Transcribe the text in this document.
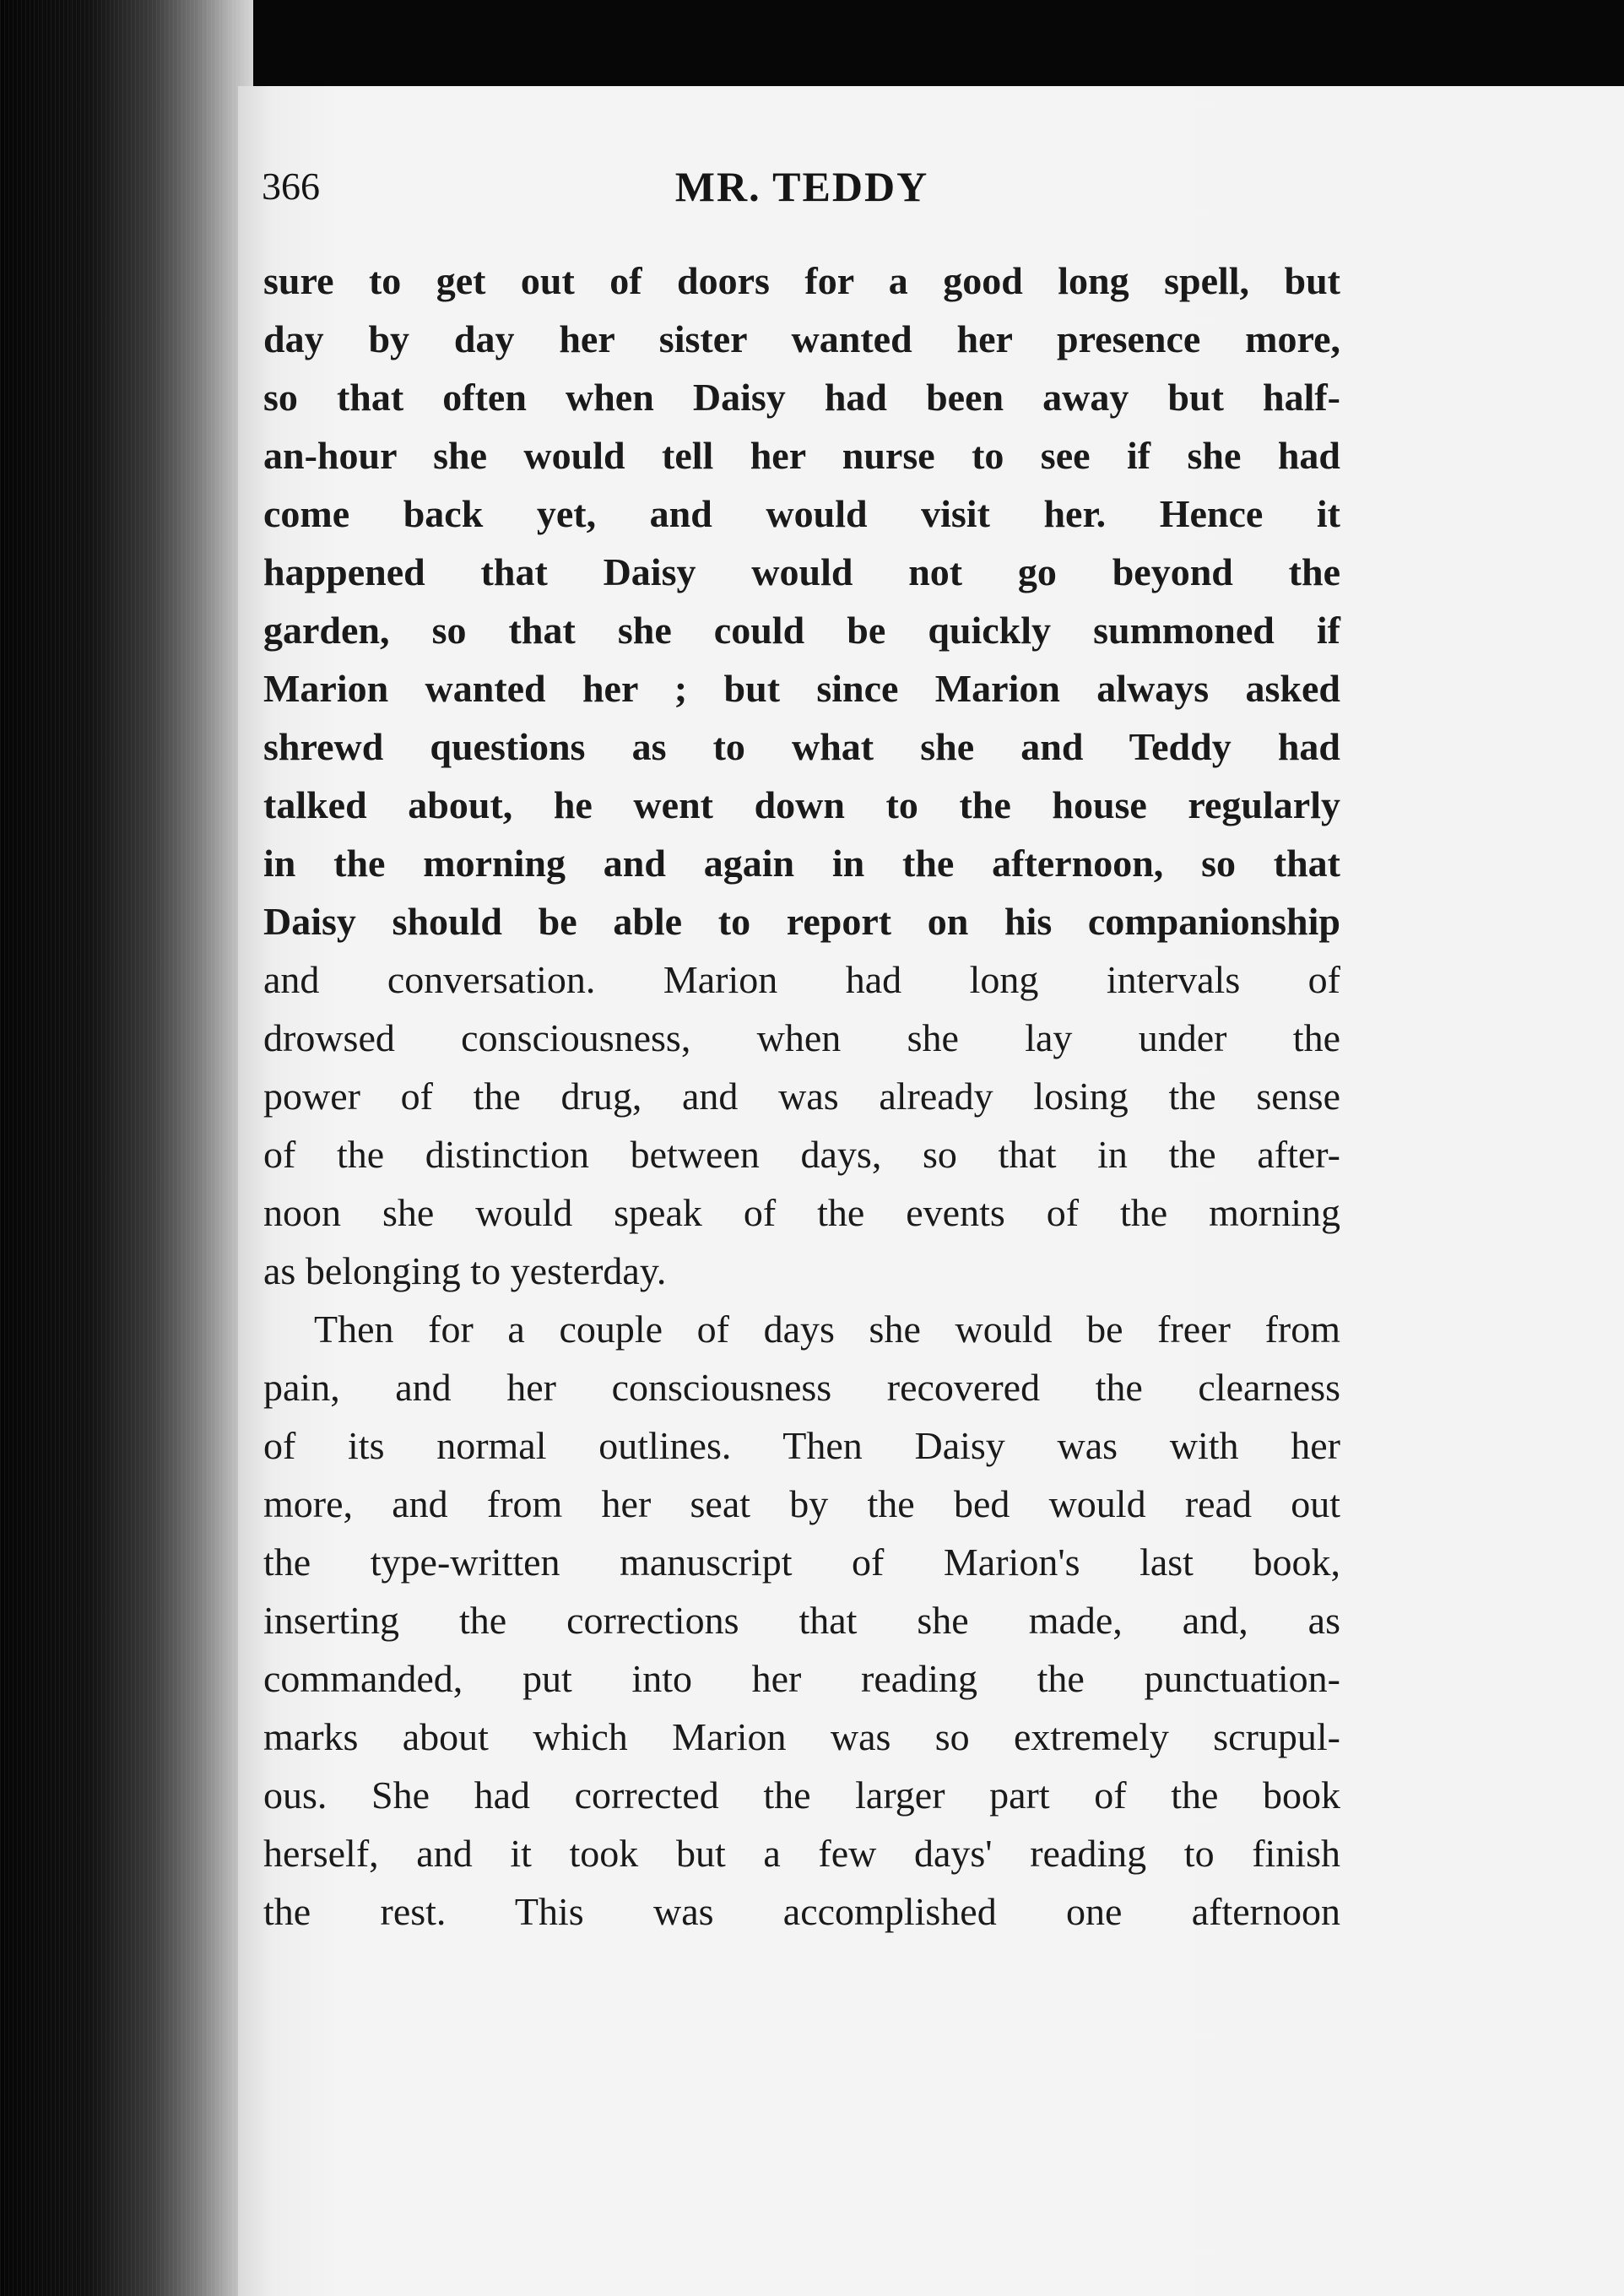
366	MR. TEDDY
sure to get out of doors for a good long spell, but
day by day her sister wanted her presence more,
so that often when Daisy had been away but half-
an-hour she would tell her nurse to see if she had
come back yet, and would visit her. Hence it
happened that Daisy would not go beyond the
garden, so that she could be quickly summoned if
Marion wanted her ; but since Marion always asked
shrewd questions as to what she and Teddy had
talked about, he went down to the house regularly
in the morning and again in the afternoon, so that
Daisy should be able to report on his companionship
and conversation. Marion had long intervals of
drowsed consciousness, when she lay under the
power of the drug, and was already losing the sense
of the distinction between days, so that in the after-
noon she would speak of the events of the morning
as belonging to yesterday.
Then for a couple of days she would be freer from
pain, and her consciousness recovered the clearness
of its normal outlines. Then Daisy was with her
more, and from her seat by the bed would read out
the type-written manuscript of Marion's last book,
inserting the corrections that she made, and, as
commanded, put into her reading the punctuation-
marks about which Marion was so extremely scrupul-
ous. She had corrected the larger part of the book
herself, and it took but a few days' reading to finish
the rest. This was accomplished one afternoon
